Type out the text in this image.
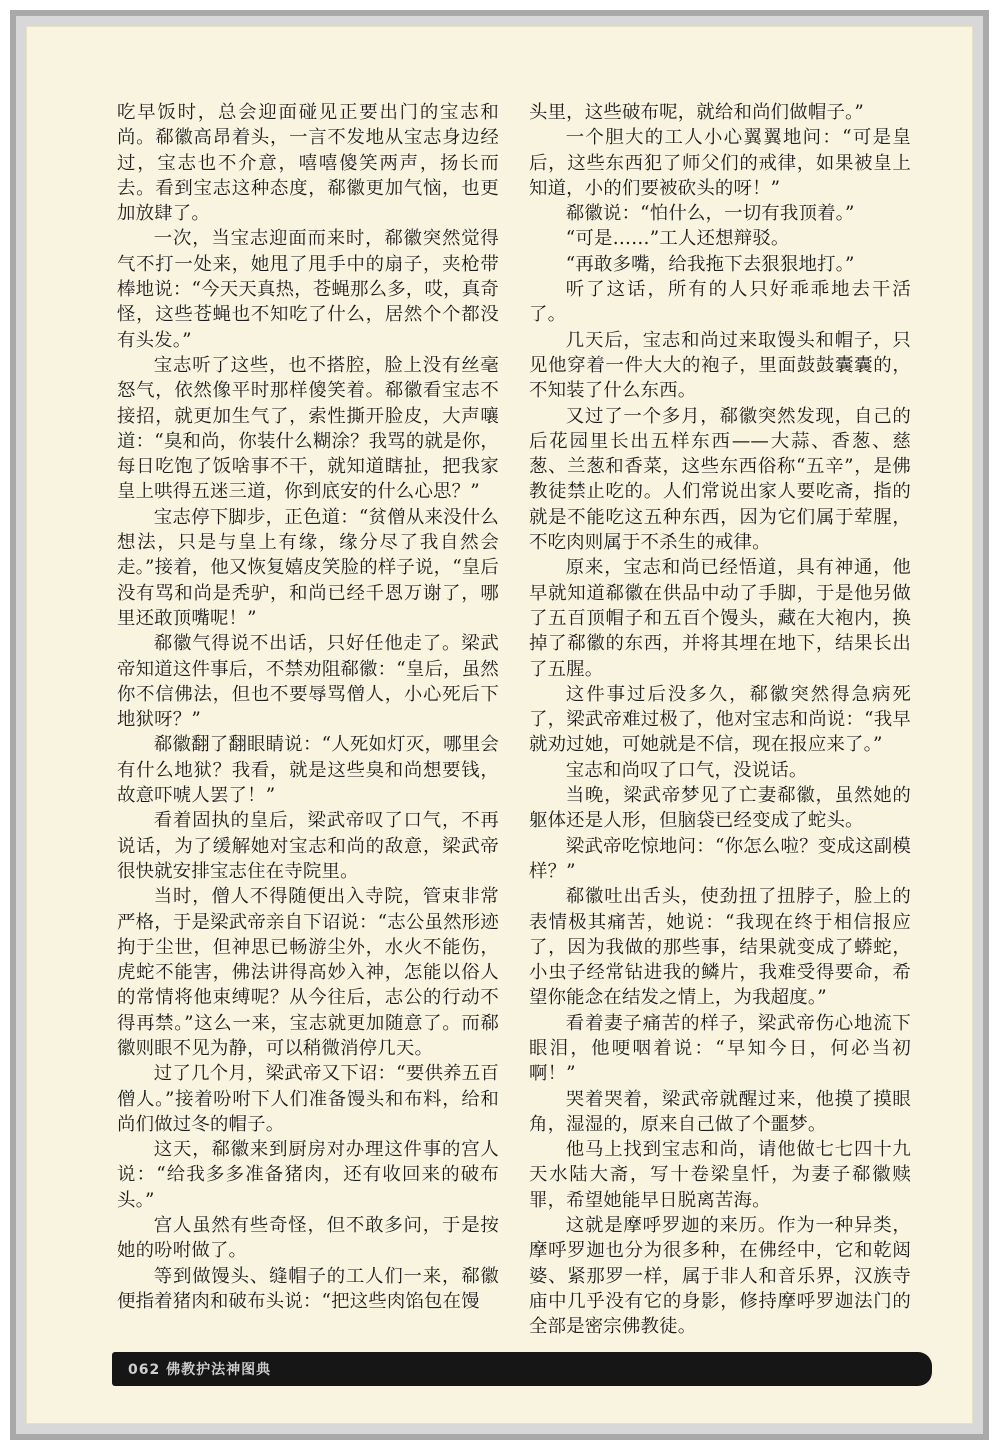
吃早饭时，总会迎面碰见正要出门的宝志和尚。郗徽高昂着头，一言不发地从宝志身边经过，宝志也不介意，嘻嘻傻笑两声，扬长而去。看到宝志这种态度，郗徽更加气恼，也更加放肆了。

一次，当宝志迎面而来时，郗徽突然觉得气不打一处来，她甩了甩手中的扇子，夹枪带棒地说：“今天天真热，苍蝇那么多，哎，真奇怪，这些苍蝇也不知吃了什么，居然个个都没有头发。”

宝志听了这些，也不搭腔，脸上没有丝毫怒气，依然像平时那样傻笑着。郗徽看宝志不接招，就更加生气了，索性撕开脸皮，大声嚷道：“臭和尚，你装什么糊涂？我骂的就是你，每日吃饱了饭啥事不干，就知道瞎扯，把我家皇上哄得五迷三道，你到底安的什么心思？”

宝志停下脚步，正色道：“贫僧从来没什么想法，只是与皇上有缘，缘分尽了我自然会走。”接着，他又恢复嬉皮笑脸的样子说，“皇后没有骂和尚是秃驴，和尚已经千恩万谢了，哪里还敢顶嘴呢！”

郗徽气得说不出话，只好任他走了。梁武帝知道这件事后，不禁劝阻郗徽：“皇后，虽然你不信佛法，但也不要辱骂僧人，小心死后下地狱呀？”

郗徽翻了翻眼睛说：“人死如灯灭，哪里会有什么地狱？我看，就是这些臭和尚想要钱，故意吓唬人罢了！”

看着固执的皇后，梁武帝叹了口气，不再说话，为了缓解她对宝志和尚的敌意，梁武帝很快就安排宝志住在寺院里。

当时，僧人不得随便出入寺院，管束非常严格，于是梁武帝亲自下诏说：“志公虽然形迹拘于尘世，但神思已畅游尘外，水火不能伤，虎蛇不能害，佛法讲得高妙入神，怎能以俗人的常情将他束缚呢？从今往后，志公的行动不得再禁。”这么一来，宝志就更加随意了。而郗徽则眼不见为静，可以稍微消停几天。

过了几个月，梁武帝又下诏：“要供养五百僧人。”接着吩咐下人们准备馒头和布料，给和尚们做过冬的帽子。

这天，郗徽来到厨房对办理这件事的宫人说：“给我多多准备猪肉，还有收回来的破布头。”

宫人虽然有些奇怪，但不敢多问，于是按她的吩咐做了。

等到做馒头、缝帽子的工人们一来，郗徽便指着猪肉和破布头说：“把这些肉馅包在馒

头里，这些破布呢，就给和尚们做帽子。”

一个胆大的工人小心翼翼地问：“可是皇后，这些东西犯了师父们的戒律，如果被皇上知道，小的们要被砍头的呀！”

郗徽说：“怕什么，一切有我顶着。”

“可是……”工人还想辩驳。

“再敢多嘴，给我拖下去狠狠地打。”

听了这话，所有的人只好乖乖地去干活了。

几天后，宝志和尚过来取馒头和帽子，只见他穿着一件大大的袍子，里面鼓鼓囊囊的，不知装了什么东西。

又过了一个多月，郗徽突然发现，自己的后花园里长出五样东西——大蒜、香葱、慈葱、兰葱和香菜，这些东西俗称“五辛”，是佛教徒禁止吃的。人们常说出家人要吃斋，指的就是不能吃这五种东西，因为它们属于荤腥，不吃肉则属于不杀生的戒律。

原来，宝志和尚已经悟道，具有神通，他早就知道郗徽在供品中动了手脚，于是他另做了五百顶帽子和五百个馒头，藏在大袍内，换掉了郗徽的东西，并将其埋在地下，结果长出了五腥。

这件事过后没多久，郗徽突然得急病死了，梁武帝难过极了，他对宝志和尚说：“我早就劝过她，可她就是不信，现在报应来了。”

宝志和尚叹了口气，没说话。

当晚，梁武帝梦见了亡妻郗徽，虽然她的躯体还是人形，但脑袋已经变成了蛇头。

梁武帝吃惊地问：“你怎么啦？变成这副模样？”

郗徽吐出舌头，使劲扭了扭脖子，脸上的表情极其痛苦，她说：“我现在终于相信报应了，因为我做的那些事，结果就变成了蟒蛇，小虫子经常钻进我的鳞片，我难受得要命，希望你能念在结发之情上，为我超度。”

看着妻子痛苦的样子，梁武帝伤心地流下眼泪，他哽咽着说：“早知今日，何必当初啊！”

哭着哭着，梁武帝就醒过来，他摸了摸眼角，湿湿的，原来自己做了个噩梦。

他马上找到宝志和尚，请他做七七四十九天水陆大斋，写十卷梁皇忏，为妻子郗徽赎罪，希望她能早日脱离苦海。

这就是摩呼罗迦的来历。作为一种异类，摩呼罗迦也分为很多种，在佛经中，它和乾闼婆、紧那罗一样，属于非人和音乐界，汉族寺庙中几乎没有它的身影，修持摩呼罗迦法门的全部是密宗佛教徒。

062 佛教护法神图典
